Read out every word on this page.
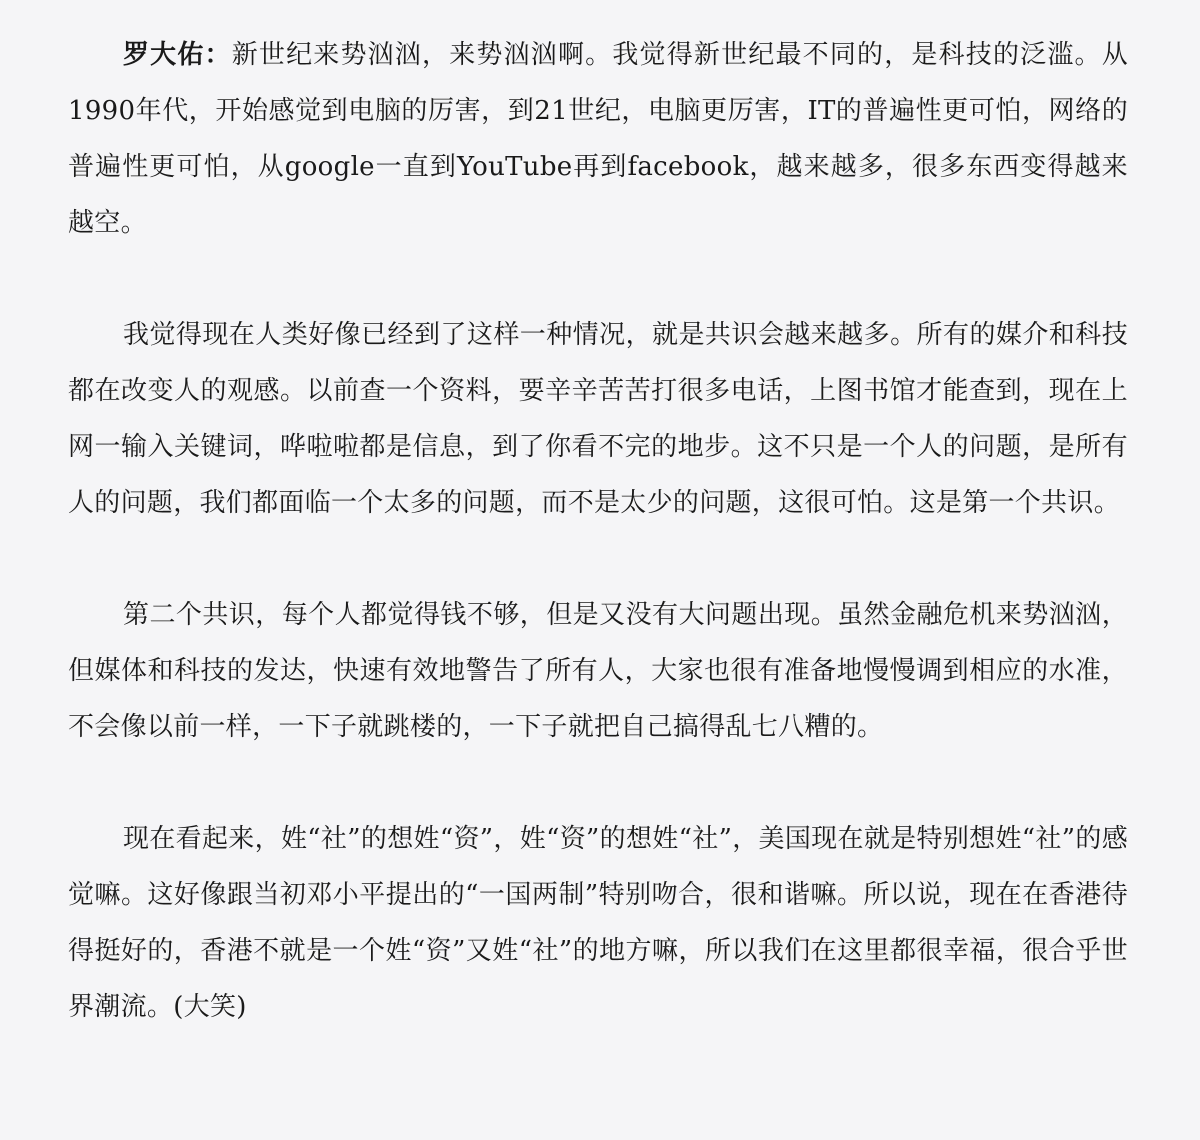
罗大佑：新世纪来势汹汹，来势汹汹啊。我觉得新世纪最不同的，是科技的泛滥。从1990年代，开始感觉到电脑的厉害，到21世纪，电脑更厉害，IT的普遍性更可怕，网络的普遍性更可怕，从google一直到YouTube再到facebook，越来越多，很多东西变得越来越空。

我觉得现在人类好像已经到了这样一种情况，就是共识会越来越多。所有的媒介和科技都在改变人的观感。以前查一个资料，要辛辛苦苦打很多电话，上图书馆才能查到，现在上网一输入关键词，哗啦啦都是信息，到了你看不完的地步。这不只是一个人的问题，是所有人的问题，我们都面临一个太多的问题，而不是太少的问题，这很可怕。这是第一个共识。

第二个共识，每个人都觉得钱不够，但是又没有大问题出现。虽然金融危机来势汹汹，但媒体和科技的发达，快速有效地警告了所有人，大家也很有准备地慢慢调到相应的水准，不会像以前一样，一下子就跳楼的，一下子就把自己搞得乱七八糟的。

现在看起来，姓“社”的想姓“资”，姓“资”的想姓“社”，美国现在就是特别想姓“社”的感觉嘛。这好像跟当初邓小平提出的“一国两制”特别吻合，很和谐嘛。所以说，现在在香港待得挺好的，香港不就是一个姓“资”又姓“社”的地方嘛，所以我们在这里都很幸福，很合乎世界潮流。(大笑)
